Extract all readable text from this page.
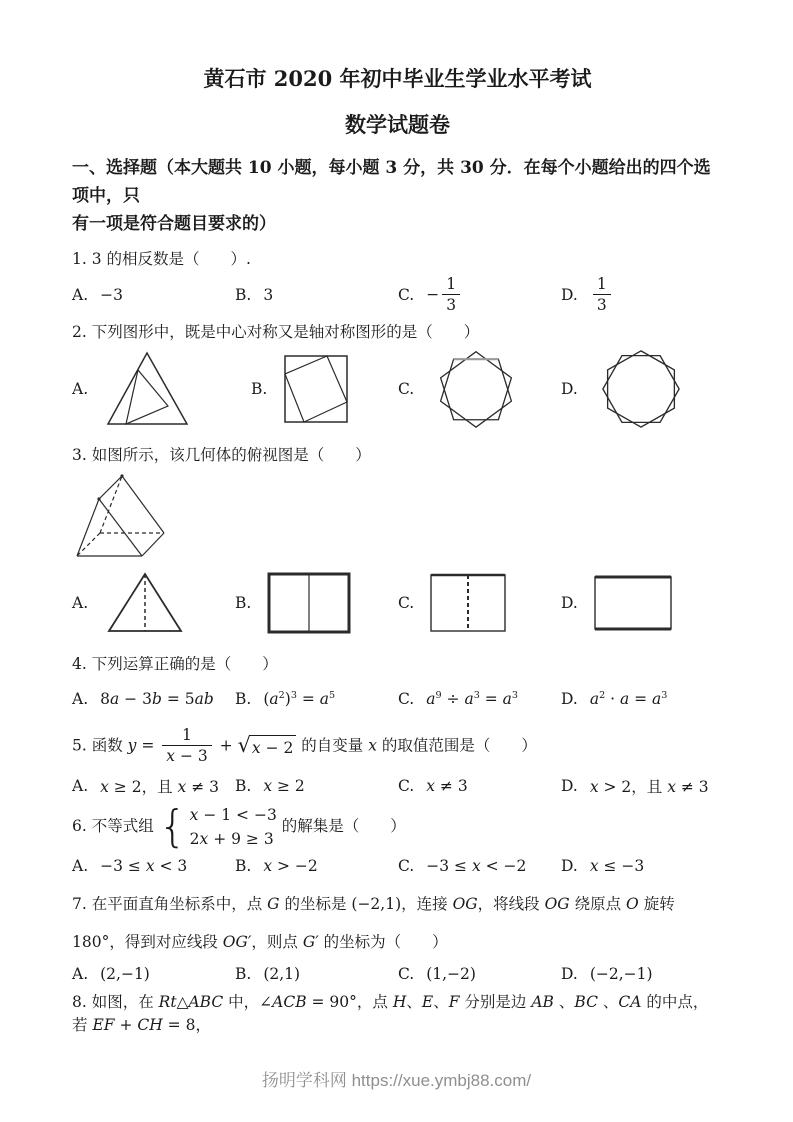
黄石市 2020 年初中毕业生学业水平考试
数学试题卷

一、选择题（本大题共 10 小题，每小题 3 分，共 30 分．在每个小题给出的四个选项中，只
有一项是符合题目要求的）

1. 3 的相反数是（　　）.

A. −3	B. 3	C. − $\frac{1}{3}$	D. $\frac{1}{3}$

2. 下列图形中，既是中心对称又是轴对称图形的是（　　）

A.	B.	C.	D.

3. 如图所示，该几何体的俯视图是（　　）

A.	B.	C.	D.

4. 下列运算正确的是（　　）

A. 8a − 3b = 5ab B. $(a^2)^3 = a^5$	C. $a^9 \div a^3 = a^3$	D. $a^2 \cdot a = a^3$

5. 函数 $y = \frac{1}{x - 3}$ + √ x − 2 的自变量 x 的取值范围是（　　）

A. x ≥ 2，且 x ≠ 3 B. x ≥ 2	C. x ≠ 3	D. x > 2，且 x ≠ 3

6. 不等式组 { x − 1 < −3
2x + 9 ≥ 3
的解集是（　　）

A. −3 ≤ x < 3	B. x > −2	C. −3 ≤ x < −2 D. x ≤ −3

7. 在平面直角坐标系中，点 G 的坐标是 (−2,1)，连接 OG，将线段 OG 绕原点 O 旋转 180°，得到对应线段 OG′，则点 G′ 的坐标为（　　）

A. (2,−1)	B. (2,1)	C. (1,−2)	D. (−2,−1)

8. 如图，在 Rt△ABC 中，∠ACB = 90°，点 H、E、F 分别是边 AB 、BC 、CA 的中点，若 EF + CH = 8，

扬明学科网 https://xue.ymbj88.com/
